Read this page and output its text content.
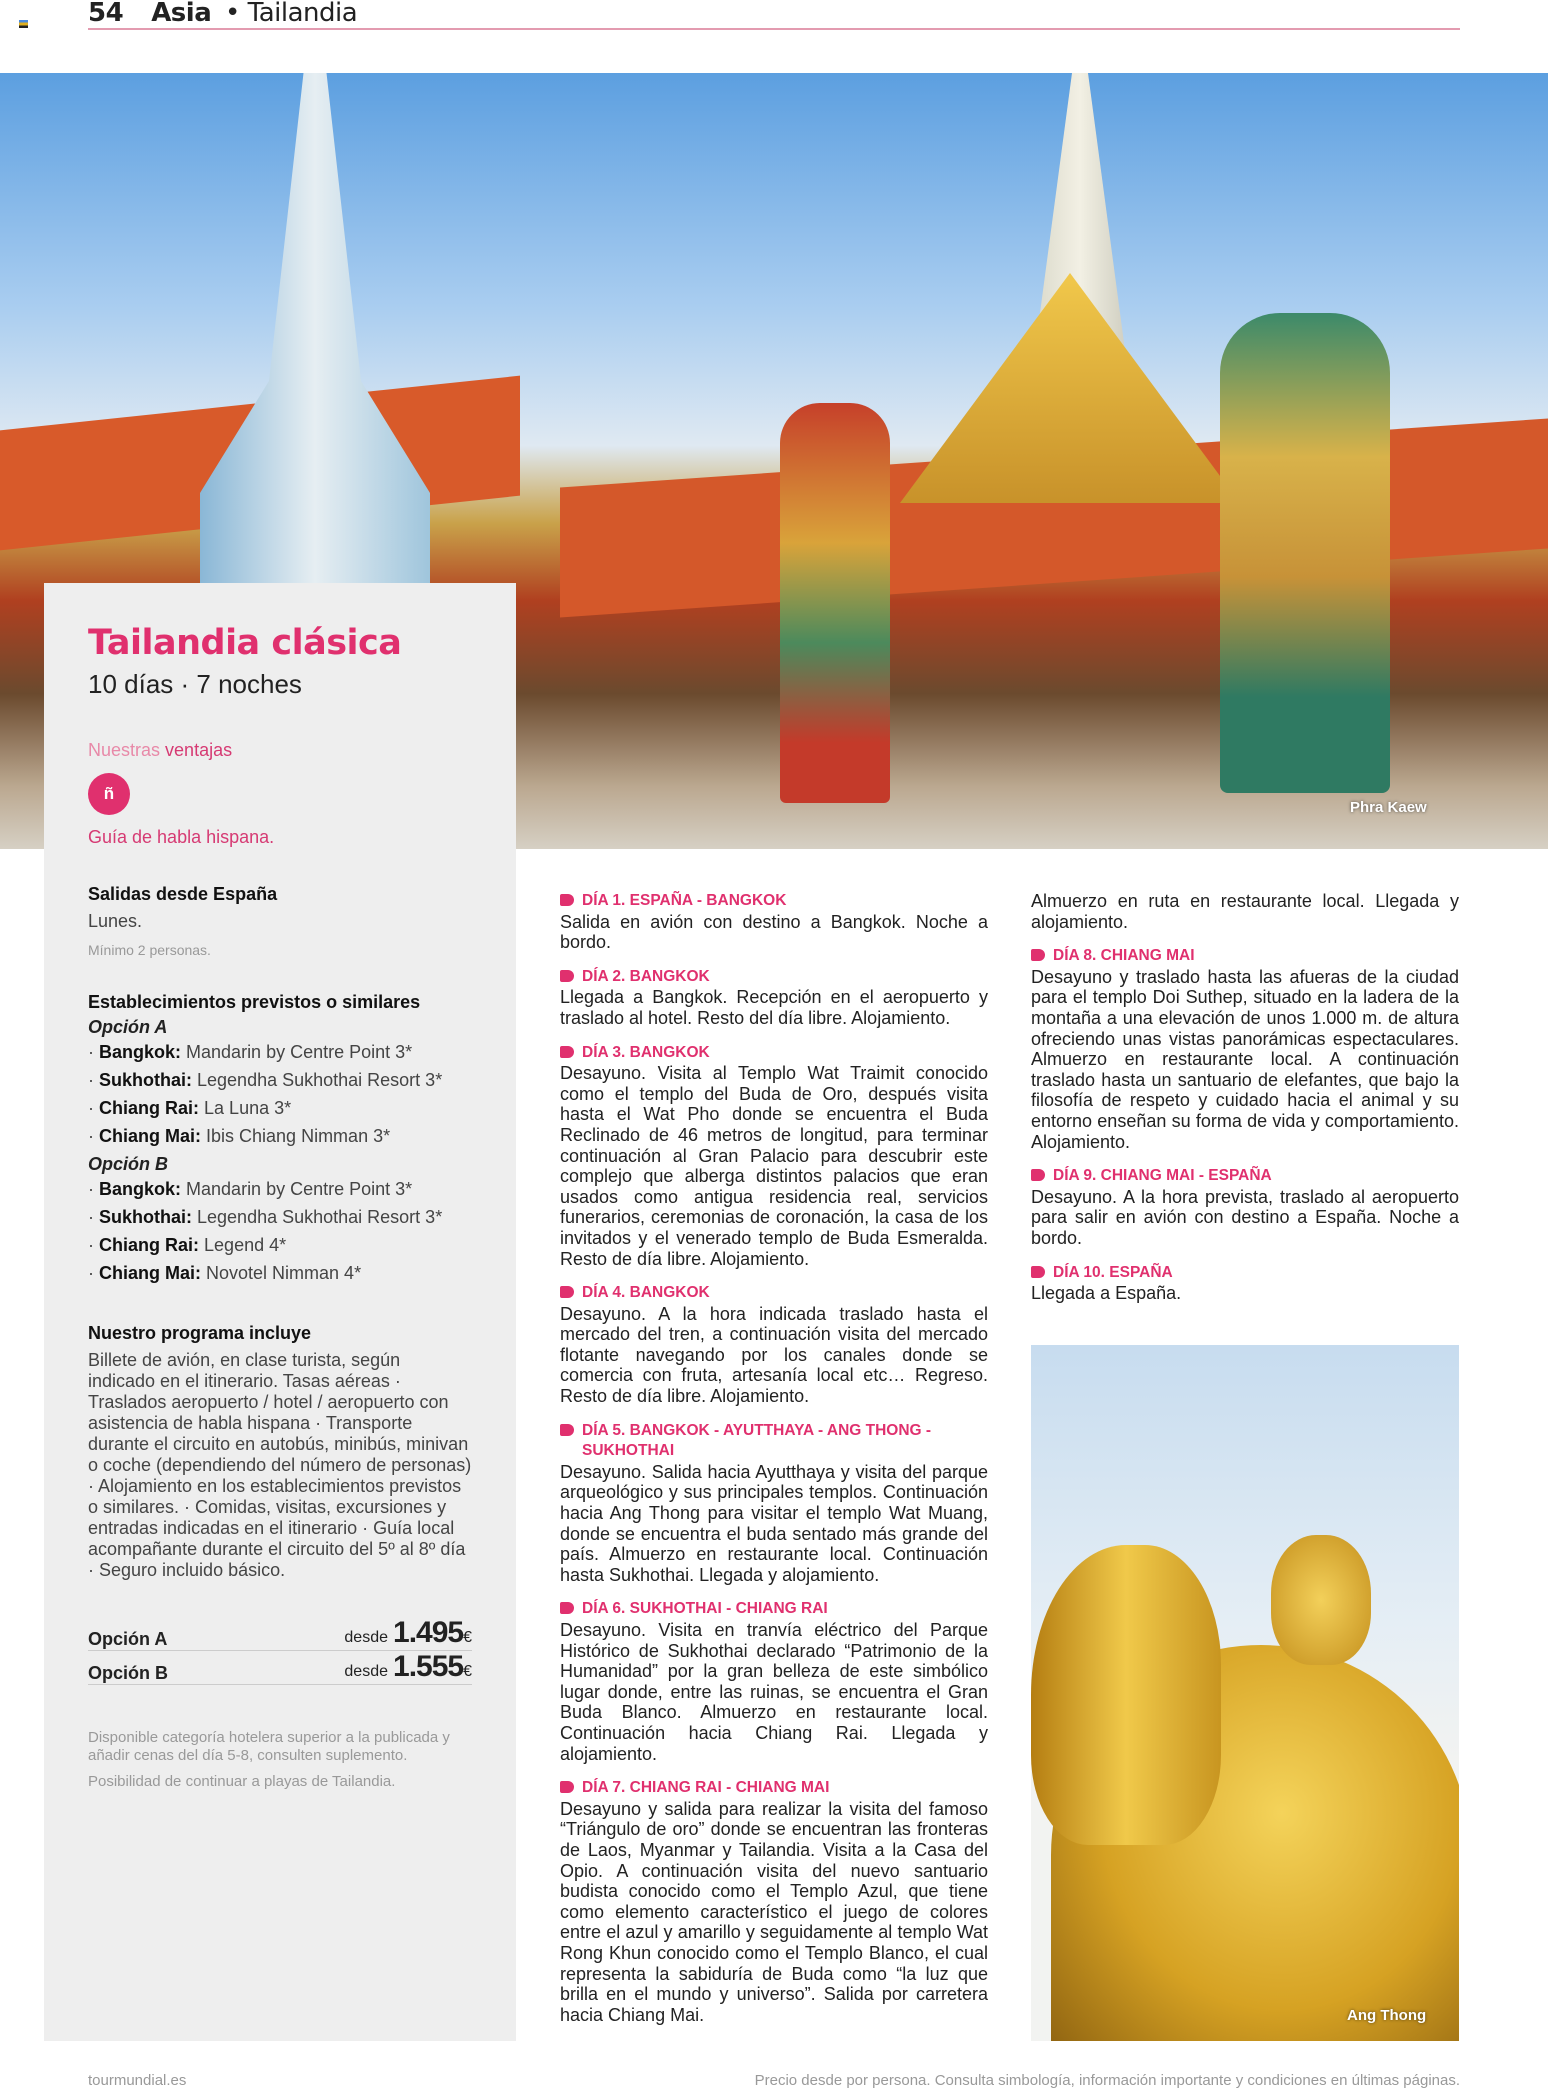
54 Asia • Tailandia
Phra Kaew
Tailandia clásica
10 días · 7 noches
Nuestras ventajas
ñ
Guía de habla hispana.
Salidas desde España
Lunes.
Mínimo 2 personas.
Establecimientos previstos o similares
Opción A
· Bangkok: Mandarin by Centre Point 3*
· Sukhothai: Legendha Sukhothai Resort 3*
· Chiang Rai: La Luna 3*
· Chiang Mai: Ibis Chiang Nimman 3*
Opción B
· Bangkok: Mandarin by Centre Point 3*
· Sukhothai: Legendha Sukhothai Resort 3*
· Chiang Rai: Legend 4*
· Chiang Mai: Novotel Nimman 4*
Nuestro programa incluye
Billete de avión, en clase turista, según indicado en el itinerario. Tasas aéreas · Traslados aeropuerto / hotel / aeropuerto con asistencia de habla hispana · Transporte durante el circuito en autobús, minibús, minivan o coche (dependiendo del número de personas) · Alojamiento en los establecimientos previstos o similares. · Comidas, visitas, excursiones y entradas indicadas en el itinerario · Guía local acompañante durante el circuito del 5º al 8º día · Seguro incluido básico.
Opción A	desde 1.495€
Opción B	desde 1.555€
Disponible categoría hotelera superior a la publicada y añadir cenas del día 5-8, consulten suplemento.
Posibilidad de continuar a playas de Tailandia.
DÍA 1. ESPAÑA - BANGKOK
Salida en avión con destino a Bangkok. Noche a bordo.
DÍA 2. BANGKOK
Llegada a Bangkok. Recepción en el aeropuerto y traslado al hotel. Resto del día libre. Alojamiento.
DÍA 3. BANGKOK
Desayuno. Visita al Templo Wat Traimit conocido como el templo del Buda de Oro, después visita hasta el Wat Pho donde se encuentra el Buda Reclinado de 46 metros de longitud, para terminar continuación al Gran Palacio para descubrir este complejo que alberga distintos palacios que eran usados como antigua residencia real, servicios funerarios, ceremonias de coronación, la casa de los invitados y el venerado templo de Buda Esmeralda. Resto de día libre. Alojamiento.
DÍA 4. BANGKOK
Desayuno. A la hora indicada traslado hasta el mercado del tren, a continuación visita del mercado flotante navegando por los canales donde se comercia con fruta, artesanía local etc… Regreso. Resto de día libre. Alojamiento.
DÍA 5. BANGKOK - AYUTTHAYA - ANG THONG - SUKHOTHAI
Desayuno. Salida hacia Ayutthaya y visita del parque arqueológico y sus principales templos. Continuación hacia Ang Thong para visitar el templo Wat Muang, donde se encuentra el buda sentado más grande del país. Almuerzo en restaurante local. Continuación hasta Sukhothai. Llegada y alojamiento.
DÍA 6. SUKHOTHAI - CHIANG RAI
Desayuno. Visita en tranvía eléctrico del Parque Histórico de Sukhothai declarado “Patrimonio de la Humanidad” por la gran belleza de este simbólico lugar donde, entre las ruinas, se encuentra el Gran Buda Blanco. Almuerzo en restaurante local. Continuación hacia Chiang Rai. Llegada y alojamiento.
DÍA 7. CHIANG RAI - CHIANG MAI
Desayuno y salida para realizar la visita del famoso “Triángulo de oro” donde se encuentran las fronteras de Laos, Myanmar y Tailandia. Visita a la Casa del Opio. A continuación visita del nuevo santuario budista conocido como el Templo Azul, que tiene como elemento característico el juego de colores entre el azul y amarillo y seguidamente al templo Wat Rong Khun conocido como el Templo Blanco, el cual representa la sabiduría de Buda como “la luz que brilla en el mundo y universo”. Salida por carretera hacia Chiang Mai.
Almuerzo en ruta en restaurante local. Llegada y alojamiento.
DÍA 8. CHIANG MAI
Desayuno y traslado hasta las afueras de la ciudad para el templo Doi Suthep, situado en la ladera de la montaña a una elevación de unos 1.000 m. de altura ofreciendo unas vistas panorámicas espectaculares. Almuerzo en restaurante local. A continuación traslado hasta un santuario de elefantes, que bajo la filosofía de respeto y cuidado hacia el animal y su entorno enseñan su forma de vida y comportamiento. Alojamiento.
DÍA 9. CHIANG MAI - ESPAÑA
Desayuno. A la hora prevista, traslado al aeropuerto para salir en avión con destino a España. Noche a bordo.
DÍA 10. ESPAÑA
Llegada a España.
Ang Thong
tourmundial.es	Precio desde por persona. Consulta simbología, información importante y condiciones en últimas páginas.
